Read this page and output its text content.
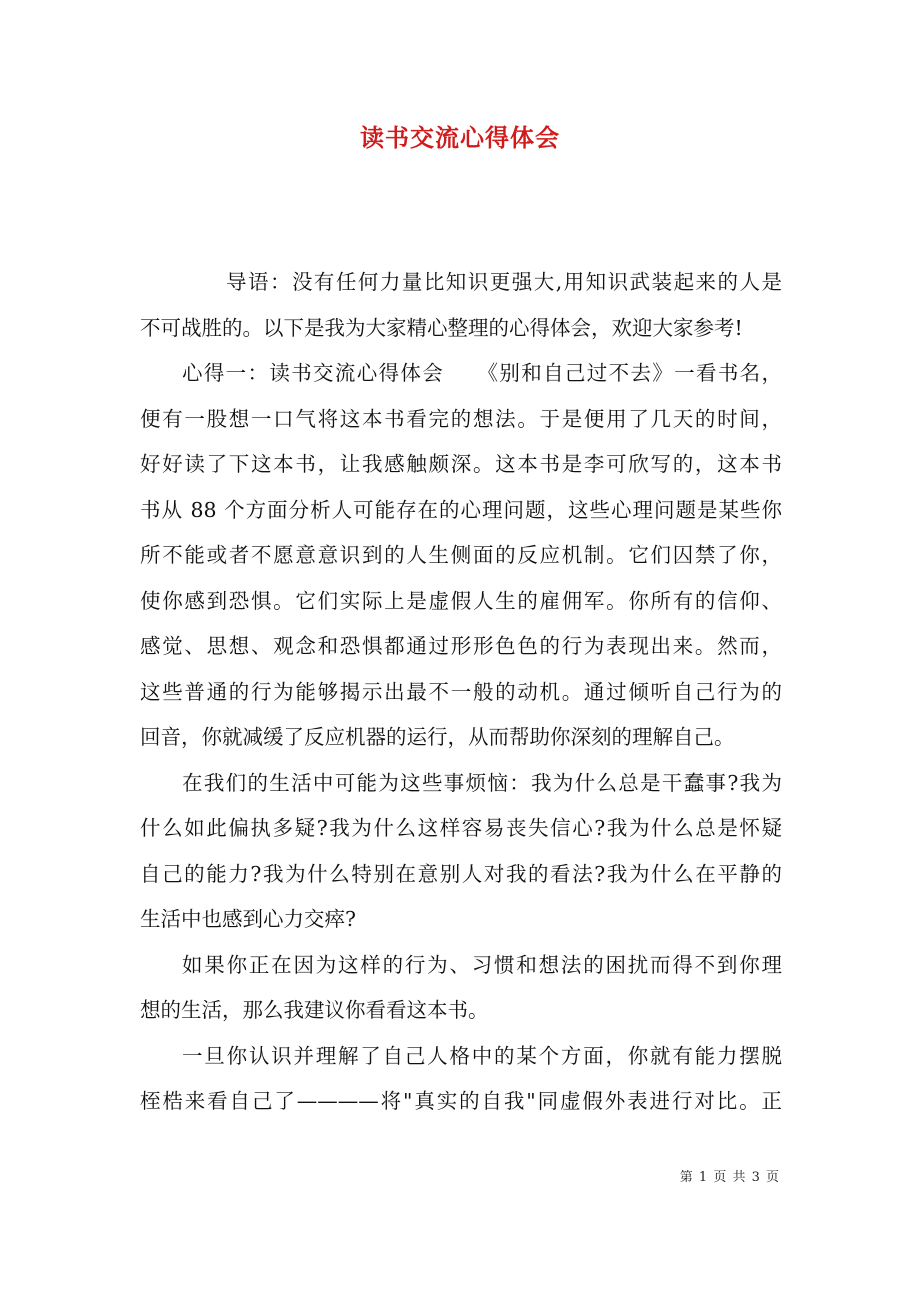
读书交流心得体会
导语：没有任何力量比知识更强大,用知识武装起来的人是
不可战胜的。以下是我为大家精心整理的心得体会，欢迎大家参考!
心得一：读书交流心得体会　　《别和自己过不去》一看书名，
便有一股想一口气将这本书看完的想法。于是便用了几天的时间，
好好读了下这本书，让我感触颇深。这本书是李可欣写的，这本书
书从 88 个方面分析人可能存在的心理问题，这些心理问题是某些你
所不能或者不愿意意识到的人生侧面的反应机制。它们囚禁了你，
使你感到恐惧。它们实际上是虚假人生的雇佣军。你所有的信仰、
感觉、思想、观念和恐惧都通过形形色色的行为表现出来。然而，
这些普通的行为能够揭示出最不一般的动机。通过倾听自己行为的
回音，你就减缓了反应机器的运行，从而帮助你深刻的理解自己。
在我们的生活中可能为这些事烦恼：我为什么总是干蠢事?我为
什么如此偏执多疑?我为什么这样容易丧失信心?我为什么总是怀疑
自己的能力?我为什么特别在意别人对我的看法?我为什么在平静的
生活中也感到心力交瘁?
如果你正在因为这样的行为、习惯和想法的困扰而得不到你理
想的生活，那么我建议你看看这本书。
一旦你认识并理解了自己人格中的某个方面，你就有能力摆脱
桎梏来看自己了————将"真实的自我"同虚假外表进行对比。正
第 1 页 共 3 页
